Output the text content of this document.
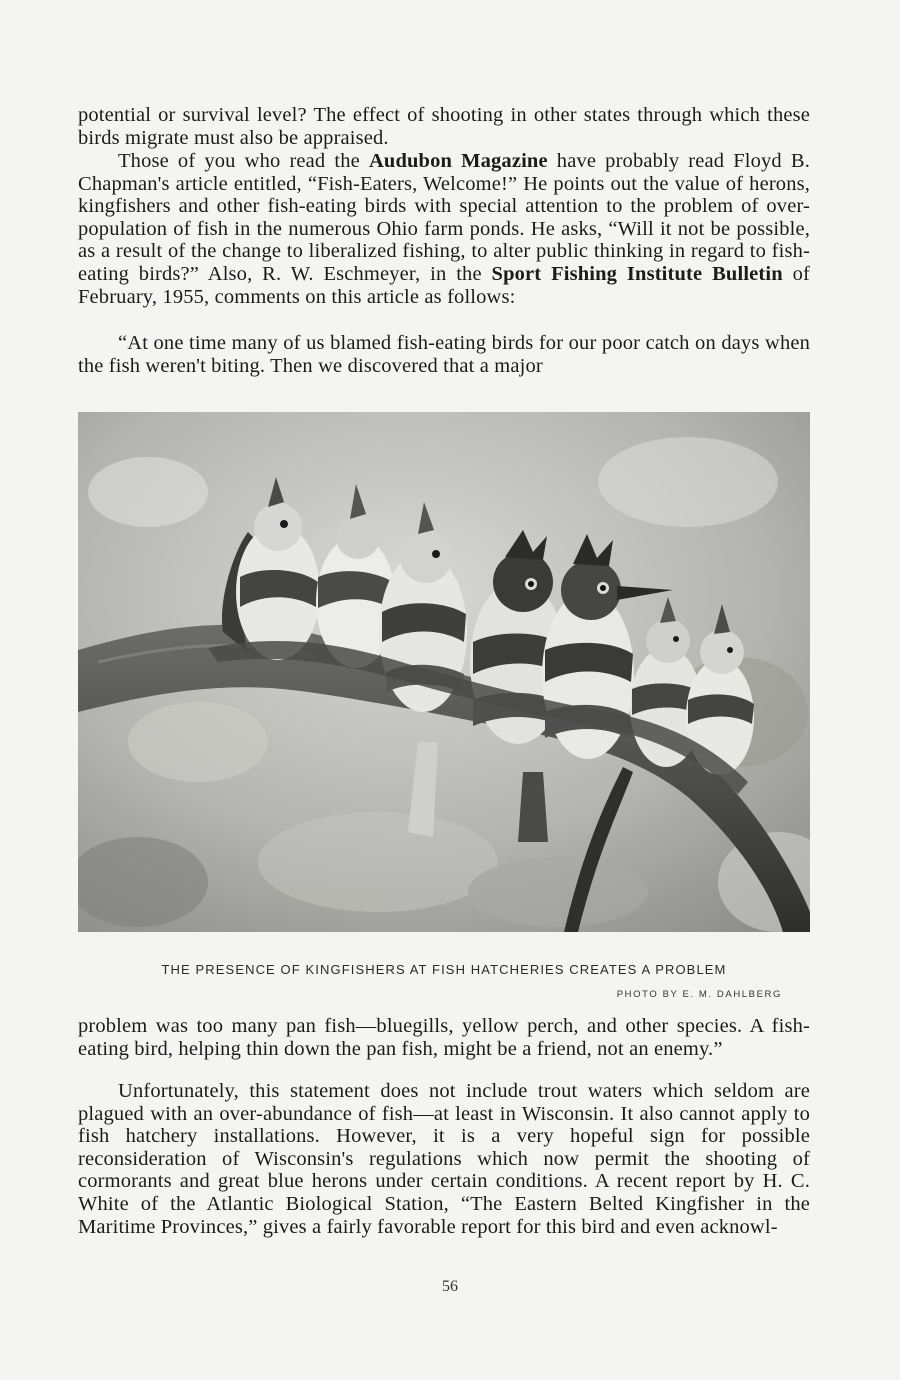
potential or survival level? The effect of shooting in other states through which these birds migrate must also be appraised.

Those of you who read the Audubon Magazine have probably read Floyd B. Chapman's article entitled, “Fish-Eaters, Welcome!” He points out the value of herons, kingfishers and other fish-eating birds with special attention to the problem of over-population of fish in the numerous Ohio farm ponds. He asks, “Will it not be possible, as a result of the change to liberalized fishing, to alter public thinking in regard to fish-eating birds?” Also, R. W. Eschmeyer, in the Sport Fishing Institute Bulletin of February, 1955, comments on this article as follows:

“At one time many of us blamed fish-eating birds for our poor catch on days when the fish weren't biting. Then we discovered that a major

THE PRESENCE OF KINGFISHERS AT FISH HATCHERIES CREATES A PROBLEM
PHOTO BY E. M. DAHLBERG

problem was too many pan fish—bluegills, yellow perch, and other species. A fish-eating bird, helping thin down the pan fish, might be a friend, not an enemy.”

Unfortunately, this statement does not include trout waters which seldom are plagued with an over-abundance of fish—at least in Wisconsin. It also cannot apply to fish hatchery installations. However, it is a very hopeful sign for possible reconsideration of Wisconsin's regulations which now permit the shooting of cormorants and great blue herons under certain conditions. A recent report by H. C. White of the Atlantic Biological Station, “The Eastern Belted Kingfisher in the Maritime Provinces,” gives a fairly favorable report for this bird and even acknowl-

56
